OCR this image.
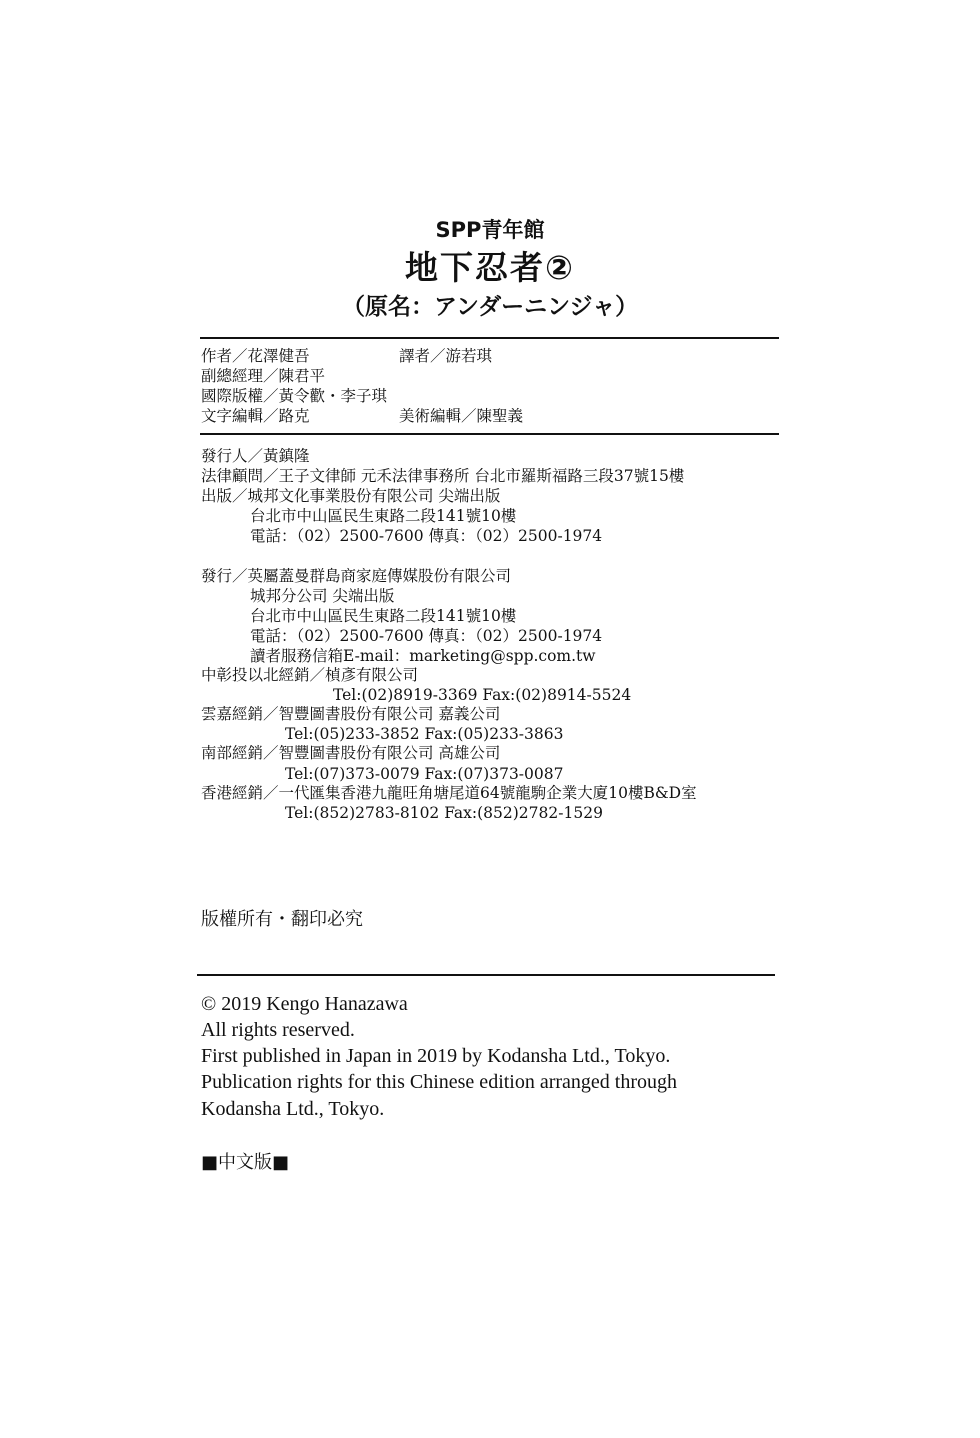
SPP青年館
地下忍者②
（原名：アンダーニンジャ）
作者／花澤健吾	譯者／游若琪
副總經理／陳君平
國際版權／黃令歡・李子琪
文字編輯／路克	美術編輯／陳聖義
發行人／黃鎮隆
法律顧問／王子文律師 元禾法律事務所 台北市羅斯福路三段37號15樓
出版／城邦文化事業股份有限公司 尖端出版
台北市中山區民生東路二段141號10樓
電話：（02）2500-7600 傳真：（02）2500-1974
發行／英屬蓋曼群島商家庭傳媒股份有限公司
城邦分公司 尖端出版
台北市中山區民生東路二段141號10樓
電話：（02）2500-7600 傳真：（02）2500-1974
讀者服務信箱E-mail：marketing@spp.com.tw
中彰投以北經銷／楨彥有限公司
Tel:(02)8919-3369 Fax:(02)8914-5524
雲嘉經銷／智豐圖書股份有限公司 嘉義公司
Tel:(05)233-3852 Fax:(05)233-3863
南部經銷／智豐圖書股份有限公司 高雄公司
Tel:(07)373-0079 Fax:(07)373-0087
香港經銷／一代匯集香港九龍旺角塘尾道64號龍駒企業大廈10樓B&D室
Tel:(852)2783-8102 Fax:(852)2782-1529
版權所有・翻印必究
© 2019 Kengo Hanazawa
All rights reserved.
First published in Japan in 2019 by Kodansha Ltd., Tokyo.
Publication rights for this Chinese edition arranged through
Kodansha Ltd., Tokyo.
■中文版■
